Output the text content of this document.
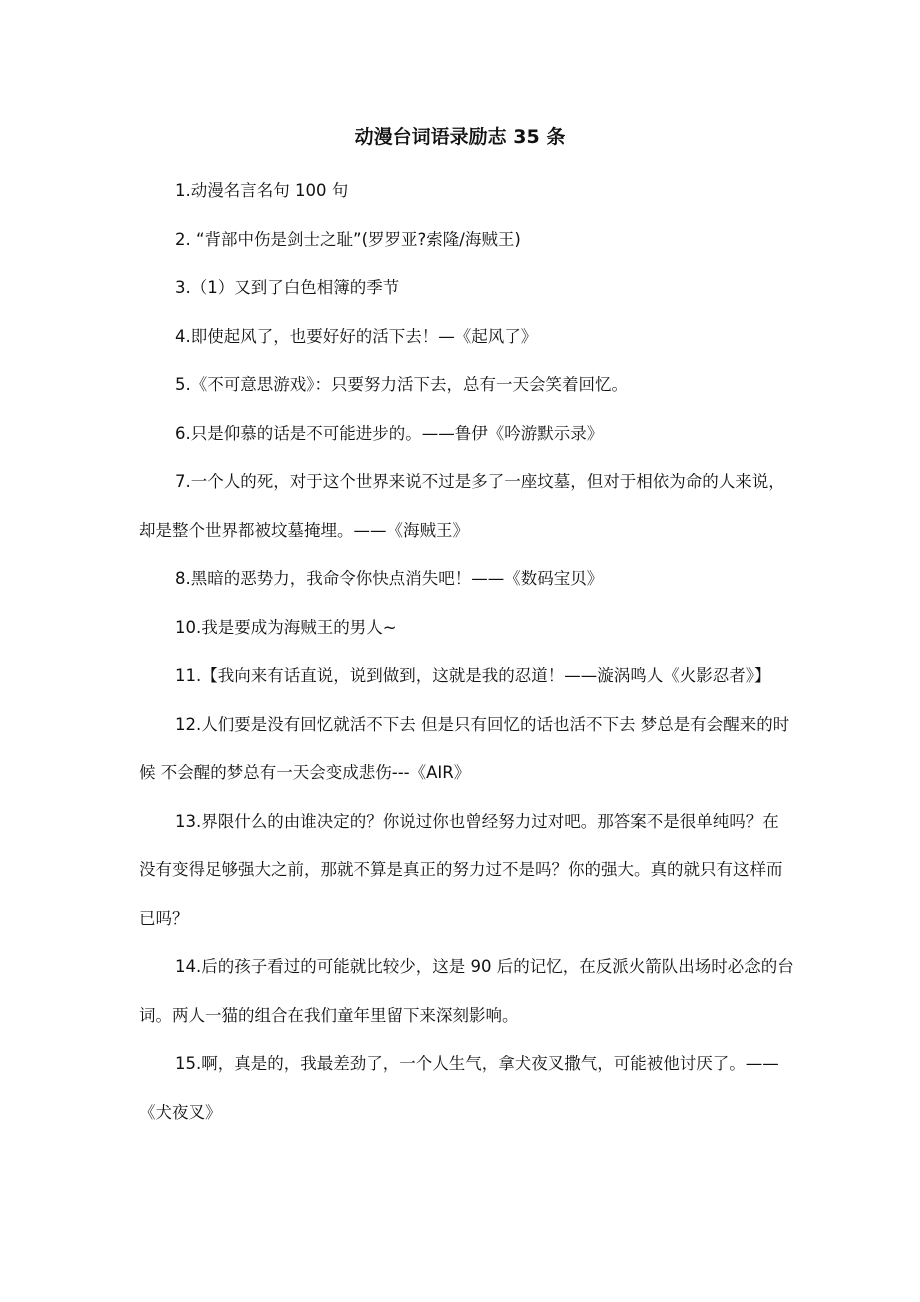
动漫台词语录励志 35 条

1.动漫名言名句 100 句

2. “背部中伤是剑士之耻”(罗罗亚?索隆/海贼王)

3.（1）又到了白色相簿的季节

4.即使起风了，也要好好的活下去！—《起风了》

5.《不可意思游戏》：只要努力活下去，总有一天会笑着回忆。

6.只是仰慕的话是不可能进步的。——鲁伊《吟游默示录》

7.一个人的死，对于这个世界来说不过是多了一座坟墓，但对于相依为命的人来说，却是整个世界都被坟墓掩埋。——《海贼王》

8.黑暗的恶势力，我命令你快点消失吧！——《数码宝贝》

10.我是要成为海贼王的男人~

11.【我向来有话直说，说到做到，这就是我的忍道！——漩涡鸣人《火影忍者》】

12.人们要是没有回忆就活不下去 但是只有回忆的话也活不下去 梦总是有会醒来的时候 不会醒的梦总有一天会变成悲伤---《AIR》

13.界限什么的由谁决定的？你说过你也曾经努力过对吧。那答案不是很单纯吗？在没有变得足够强大之前，那就不算是真正的努力过不是吗？你的强大。真的就只有这样而已吗？

14.后的孩子看过的可能就比较少，这是 90 后的记忆，在反派火箭队出场时必念的台词。两人一猫的组合在我们童年里留下来深刻影响。

15.啊，真是的，我最差劲了，一个人生气，拿犬夜叉撒气，可能被他讨厌了。——《犬夜叉》
